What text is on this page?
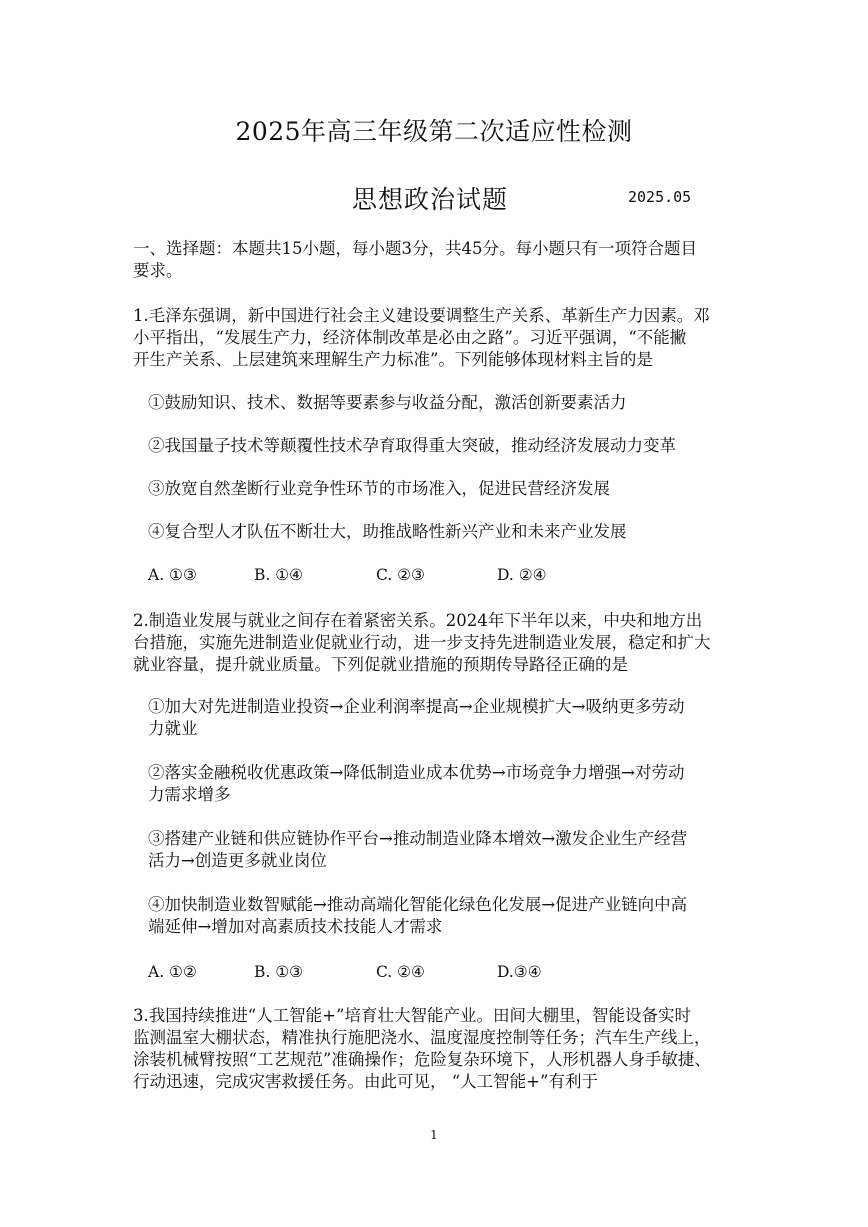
2025年高三年级第二次适应性检测
思想政治试题	2025.05
一、选择题：本题共15小题，每小题3分，共45分。每小题只有一项符合题目
要求。
1.毛泽东强调，新中国进行社会主义建设要调整生产关系、革新生产力因素。邓
小平指出，“发展生产力，经济体制改革是必由之路”。习近平强调，“不能撇
开生产关系、上层建筑来理解生产力标准”。下列能够体现材料主旨的是
①鼓励知识、技术、数据等要素参与收益分配，激活创新要素活力
②我国量子技术等颠覆性技术孕育取得重大突破，推动经济发展动力变革
③放宽自然垄断行业竞争性环节的市场准入，促进民营经济发展
④复合型人才队伍不断壮大，助推战略性新兴产业和未来产业发展
A. ①③	B. ①④	C. ②③	D. ②④
2.制造业发展与就业之间存在着紧密关系。2024年下半年以来，中央和地方出
台措施，实施先进制造业促就业行动，进一步支持先进制造业发展，稳定和扩大
就业容量，提升就业质量。下列促就业措施的预期传导路径正确的是
①加大对先进制造业投资→企业利润率提高→企业规模扩大→吸纳更多劳动
力就业
②落实金融税收优惠政策→降低制造业成本优势→市场竞争力增强→对劳动
力需求增多
③搭建产业链和供应链协作平台→推动制造业降本增效→激发企业生产经营
活力→创造更多就业岗位
④加快制造业数智赋能→推动高端化智能化绿色化发展→促进产业链向中高
端延伸→增加对高素质技术技能人才需求
A. ①②	B. ①③	C. ②④	D.③④
3.我国持续推进“人工智能+”培育壮大智能产业。田间大棚里，智能设备实时
监测温室大棚状态，精准执行施肥浇水、温度湿度控制等任务；汽车生产线上，
涂装机械臂按照“工艺规范”准确操作；危险复杂环境下，人形机器人身手敏捷、
行动迅速，完成灾害救援任务。由此可见， “人工智能+”有利于
1
